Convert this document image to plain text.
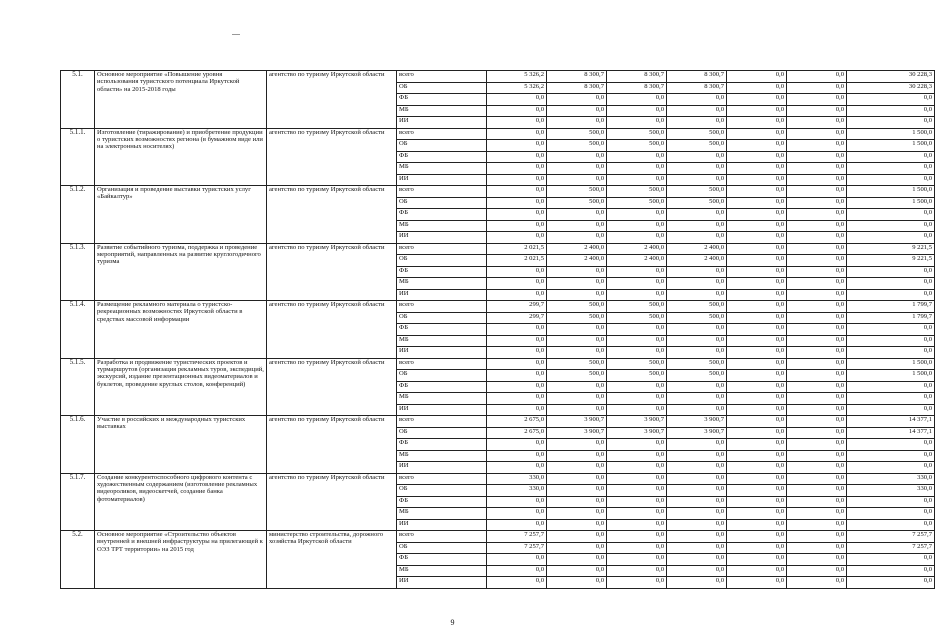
5.1.	Основное мероприятие «Повышение уровня использования туристского потенциала Иркутской области» на 2015-2018 годы	агентство по туризму Иркутской области	всего	5 326,2	8 300,7	8 300,7	8 300,7	0,0	0,0	30 228,3
			ОБ	5 326,2	8 300,7	8 300,7	8 300,7	0,0	0,0	30 228,3
			ФБ	0,0	0,0	0,0	0,0	0,0	0,0	0,0
			МБ	0,0	0,0	0,0	0,0	0,0	0,0	0,0
			ИИ	0,0	0,0	0,0	0,0	0,0	0,0	0,0
5.1.1.	Изготовление (тиражирование) и приобретение продукции о туристских возможностях региона (в бумажном виде или на электронных носителях)	агентство по туризму Иркутской области	всего	0,0	500,0	500,0	500,0	0,0	0,0	1 500,0
			ОБ	0,0	500,0	500,0	500,0	0,0	0,0	1 500,0
			ФБ	0,0	0,0	0,0	0,0	0,0	0,0	0,0
			МБ	0,0	0,0	0,0	0,0	0,0	0,0	0,0
			ИИ	0,0	0,0	0,0	0,0	0,0	0,0	0,0
5.1.2.	Организация и проведение выставки туристских услуг «Байкалтур»	агентство по туризму Иркутской области	всего	0,0	500,0	500,0	500,0	0,0	0,0	1 500,0
			ОБ	0,0	500,0	500,0	500,0	0,0	0,0	1 500,0
			ФБ	0,0	0,0	0,0	0,0	0,0	0,0	0,0
			МБ	0,0	0,0	0,0	0,0	0,0	0,0	0,0
			ИИ	0,0	0,0	0,0	0,0	0,0	0,0	0,0
5.1.3.	Развитие событийного туризма, поддержка и проведение мероприятий, направленных на развитие круглогодичного туризма	агентство по туризму Иркутской области	всего	2 021,5	2 400,0	2 400,0	2 400,0	0,0	0,0	9 221,5
			ОБ	2 021,5	2 400,0	2 400,0	2 400,0	0,0	0,0	9 221,5
			ФБ	0,0	0,0	0,0	0,0	0,0	0,0	0,0
			МБ	0,0	0,0	0,0	0,0	0,0	0,0	0,0
			ИИ	0,0	0,0	0,0	0,0	0,0	0,0	0,0
5.1.4.	Размещение рекламного материала о туристско-рекреационных возможностях Иркутской области в средствах массовой информации	агентство по туризму Иркутской области	всего	299,7	500,0	500,0	500,0	0,0	0,0	1 799,7
			ОБ	299,7	500,0	500,0	500,0	0,0	0,0	1 799,7
			ФБ	0,0	0,0	0,0	0,0	0,0	0,0	0,0
			МБ	0,0	0,0	0,0	0,0	0,0	0,0	0,0
			ИИ	0,0	0,0	0,0	0,0	0,0	0,0	0,0
5.1.5.	Разработка и продвижение туристических проектов и турмаршрутов (организация рекламных туров, экспедиций, экскурсий, издание презентационных видеоматериалов и буклетов, проведение круглых столов, конференций)	агентство по туризму Иркутской области	всего	0,0	500,0	500,0	500,0	0,0	0,0	1 500,0
			ОБ	0,0	500,0	500,0	500,0	0,0	0,0	1 500,0
			ФБ	0,0	0,0	0,0	0,0	0,0	0,0	0,0
			МБ	0,0	0,0	0,0	0,0	0,0	0,0	0,0
			ИИ	0,0	0,0	0,0	0,0	0,0	0,0	0,0
5.1.6.	Участие в российских и международных туристских выставках	агентство по туризму Иркутской области	всего	2 675,0	3 900,7	3 900,7	3 900,7	0,0	0,0	14 377,1
			ОБ	2 675,0	3 900,7	3 900,7	3 900,7	0,0	0,0	14 377,1
			ФБ	0,0	0,0	0,0	0,0	0,0	0,0	0,0
			МБ	0,0	0,0	0,0	0,0	0,0	0,0	0,0
			ИИ	0,0	0,0	0,0	0,0	0,0	0,0	0,0
5.1.7.	Создание конкурентоспособного цифрового контента с художественным содержанием (изготовление рекламных видеороликов, видеоскетчей, создание банка фотоматериалов)	агентство по туризму Иркутской области	всего	330,0	0,0	0,0	0,0	0,0	0,0	330,0
			ОБ	330,0	0,0	0,0	0,0	0,0	0,0	330,0
			ФБ	0,0	0,0	0,0	0,0	0,0	0,0	0,0
			МБ	0,0	0,0	0,0	0,0	0,0	0,0	0,0
			ИИ	0,0	0,0	0,0	0,0	0,0	0,0	0,0
5.2.	Основное мероприятие «Строительство объектов внутренней и внешней инфраструктуры на прилегающей к ОЭЗ ТРТ территории» на 2015 год	министерство строительства, дорожного хозяйства Иркутской области	всего	7 257,7	0,0	0,0	0,0	0,0	0,0	7 257,7
			ОБ	7 257,7	0,0	0,0	0,0	0,0	0,0	7 257,7
			ФБ	0,0	0,0	0,0	0,0	0,0	0,0	0,0
			МБ	0,0	0,0	0,0	0,0	0,0	0,0	0,0
			ИИ	0,0	0,0	0,0	0,0	0,0	0,0	0,0
9
